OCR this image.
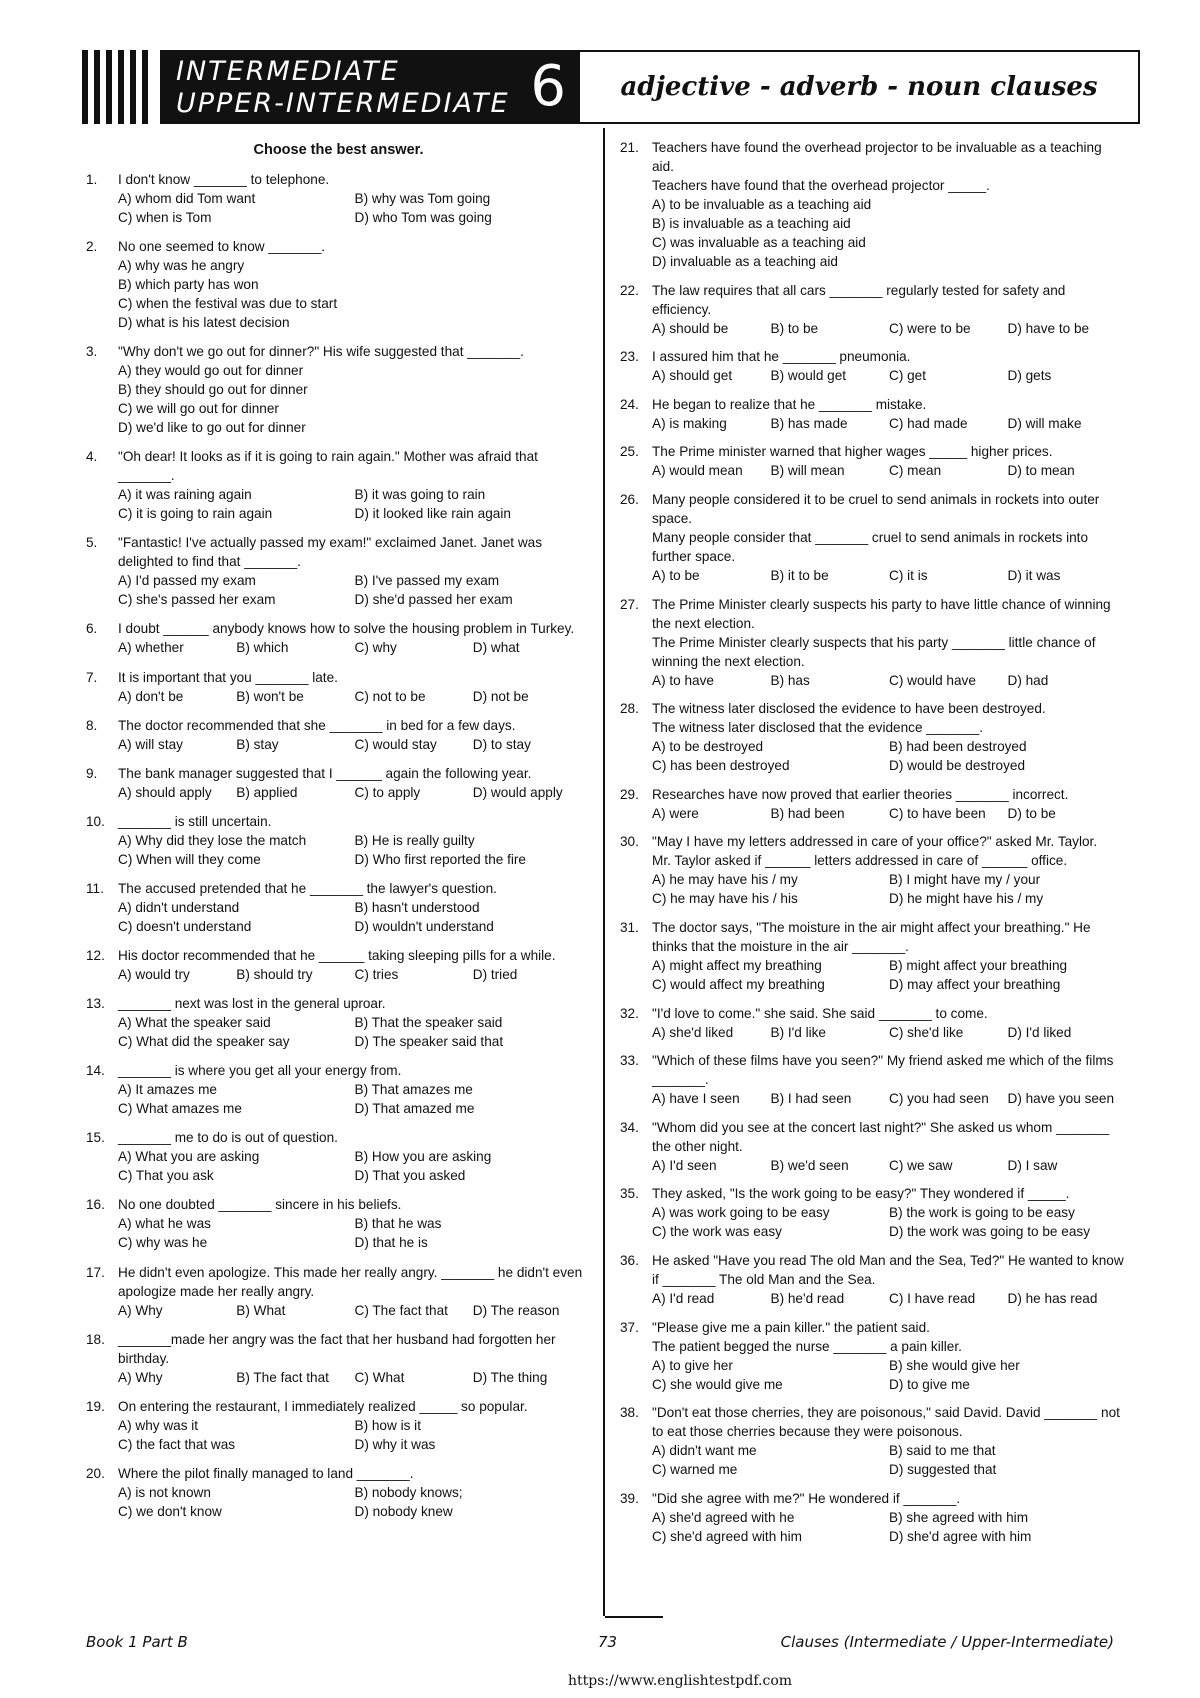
INTERMEDIATE
UPPER-INTERMEDIATE 6	adjective - adverb - noun clauses
Choose the best answer.
1. I don't know _______ to telephone.
A) whom did Tom want	B) why was Tom going
C) when is Tom	D) who Tom was going
2. No one seemed to know _______.
A) why was he angry
B) which party has won
C) when the festival was due to start
D) what is his latest decision
3. "Why don't we go out for dinner?" His wife suggested that _______.
A) they would go out for dinner
B) they should go out for dinner
C) we will go out for dinner
D) we'd like to go out for dinner
4. "Oh dear! It looks as if it is going to rain again." Mother was afraid that _______.
A) it was raining again	B) it was going to rain
C) it is going to rain again	D) it looked like rain again
5. "Fantastic! I've actually passed my exam!" exclaimed Janet. Janet was delighted to find that _______.
A) I'd passed my exam	B) I've passed my exam
C) she's passed her exam	D) she'd passed her exam
6. I doubt ______ anybody knows how to solve the housing problem in Turkey.
A) whether	B) which	C) why	D) what
7. It is important that you _______ late.
A) don't be	B) won't be	C) not to be	D) not be
8. The doctor recommended that she _______ in bed for a few days.
A) will stay	B) stay	C) would stay	D) to stay
9. The bank manager suggested that I ______ again the following year.
A) should apply	B) applied	C) to apply	D) would apply
10. _______ is still uncertain.
A) Why did they lose the match	B) He is really guilty
C) When will they come	D) Who first reported the fire
11. The accused pretended that he _______ the lawyer's question.
A) didn't understand	B) hasn't understood
C) doesn't understand	D) wouldn't understand
12. His doctor recommended that he ______ taking sleeping pills for a while.
A) would try	B) should try	C) tries	D) tried
13. _______ next was lost in the general uproar.
A) What the speaker said	B) That the speaker said
C) What did the speaker say	D) The speaker said that
14. _______ is where you get all your energy from.
A) It amazes me	B) That amazes me
C) What amazes me	D) That amazed me
15. _______ me to do is out of question.
A) What you are asking	B) How you are asking
C) That you ask	D) That you asked
16. No one doubted _______ sincere in his beliefs.
A) what he was	B) that he was
C) why was he	D) that he is
17. He didn't even apologize. This made her really angry. _______ he didn't even apologize made her really angry.
A) Why	B) What	C) The fact that	D) The reason
18. _______made her angry was the fact that her husband had forgotten her birthday.
A) Why	B) The fact that	C) What	D) The thing
19. On entering the restaurant, I immediately realized _____ so popular.
A) why was it	B) how is it
C) the fact that was	D) why it was
20. Where the pilot finally managed to land _______.
A) is not known	B) nobody knows;
C) we don't know	D) nobody knew
21. Teachers have found the overhead projector to be invaluable as a teaching aid.
Teachers have found that the overhead projector _____.
A) to be invaluable as a teaching aid
B) is invaluable as a teaching aid
C) was invaluable as a teaching aid
D) invaluable as a teaching aid
22. The law requires that all cars _______ regularly tested for safety and efficiency.
A) should be	B) to be	C) were to be	D) have to be
23. I assured him that he _______ pneumonia.
A) should get	B) would get	C) get	D) gets
24. He began to realize that he _______ mistake.
A) is making	B) has made	C) had made	D) will make
25. The Prime minister warned that higher wages _____ higher prices.
A) would mean	B) will mean	C) mean	D) to mean
26. Many people considered it to be cruel to send animals in rockets into outer space.
Many people consider that _______ cruel to send animals in rockets into further space.
A) to be	B) it to be	C) it is	D) it was
27. The Prime Minister clearly suspects his party to have little chance of winning the next election.
The Prime Minister clearly suspects that his party _______ little chance of winning the next election.
A) to have	B) has	C) would have	D) had
28. The witness later disclosed the evidence to have been destroyed.
The witness later disclosed that the evidence _______.
A) to be destroyed	B) had been destroyed
C) has been destroyed	D) would be destroyed
29. Researches have now proved that earlier theories _______ incorrect.
A) were	B) had been	C) to have been	D) to be
30. "May I have my letters addressed in care of your office?" asked Mr. Taylor.
Mr. Taylor asked if ______ letters addressed in care of ______ office.
A) he may have his / my	B) I might have my / your
C) he may have his / his	D) he might have his / my
31. The doctor says, "The moisture in the air might affect your breathing." He thinks that the moisture in the air _______.
A) might affect my breathing	B) might affect your breathing
C) would affect my breathing	D) may affect your breathing
32. "I'd love to come." she said. She said _______ to come.
A) she'd liked	B) I'd like	C) she'd like	D) I'd liked
33. "Which of these films have you seen?" My friend asked me which of the films _______.
A) have I seen	B) I had seen	C) you had seen	D) have you seen
34. "Whom did you see at the concert last night?" She asked us whom _______ the other night.
A) I'd seen	B) we'd seen	C) we saw	D) I saw
35. They asked, "Is the work going to be easy?" They wondered if _____.
A) was work going to be easy	B) the work is going to be easy
C) the work was easy	D) the work was going to be easy
36. He asked "Have you read The old Man and the Sea, Ted?" He wanted to know if _______ The old Man and the Sea.
A) I'd read	B) he'd read	C) I have read	D) he has read
37. "Please give me a pain killer." the patient said.
The patient begged the nurse _______ a pain killer.
A) to give her	B) she would give her
C) she would give me	D) to give me
38. "Don't eat those cherries, they are poisonous," said David. David _______ not to eat those cherries because they were poisonous.
A) didn't want me	B) said to me that
C) warned me	D) suggested that
39. "Did she agree with me?" He wondered if _______.
A) she'd agreed with he	B) she agreed with him
C) she'd agreed with him	D) she'd agree with him
Book 1 Part B	73	Clauses (Intermediate / Upper-Intermediate)
https://www.englishtestpdf.com
